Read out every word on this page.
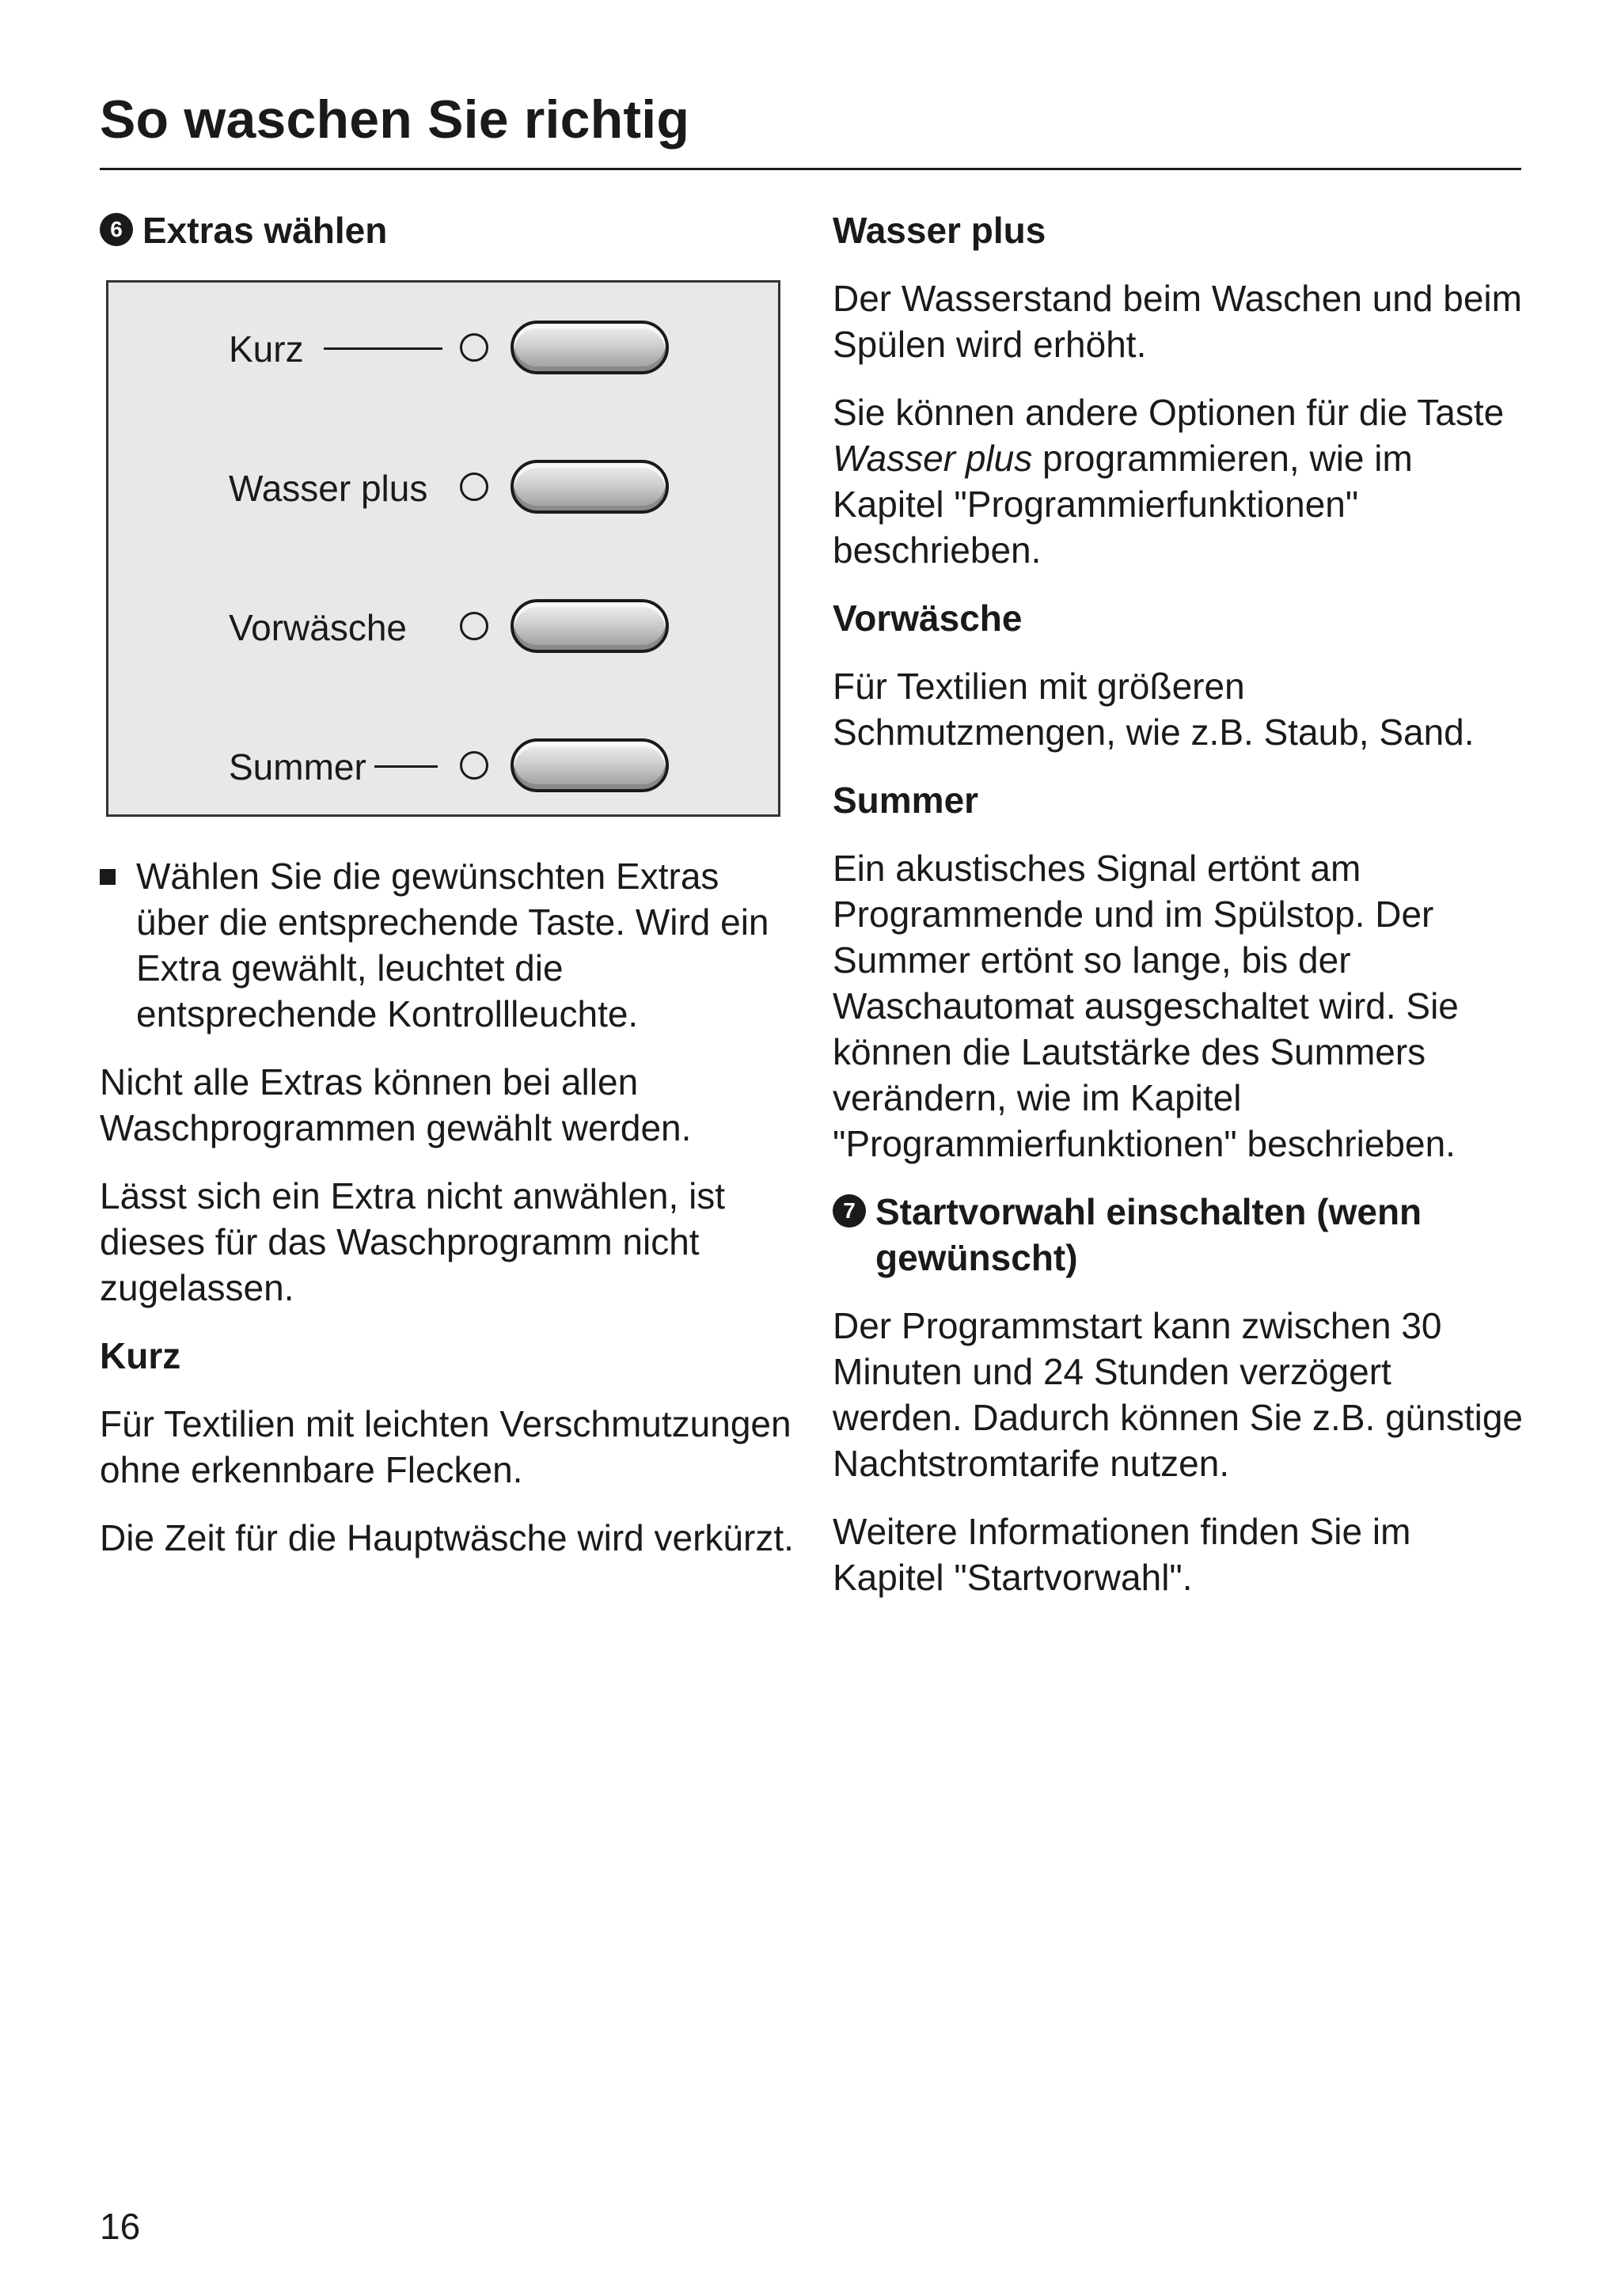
So waschen Sie richtig
6 Extras wählen
Kurz
Wasser plus
Vorwäsche
Summer
Wählen Sie die gewünschten Extras über die entsprechende Taste. Wird ein Extra gewählt, leuchtet die entsprechende Kontrollleuchte.

Nicht alle Extras können bei allen Waschprogrammen gewählt werden.

Lässt sich ein Extra nicht anwählen, ist dieses für das Waschprogramm nicht zugelassen.

Kurz

Für Textilien mit leichten Verschmutzungen ohne erkennbare Flecken.

Die Zeit für die Hauptwäsche wird verkürzt.

Wasser plus

Der Wasserstand beim Waschen und beim Spülen wird erhöht.

Sie können andere Optionen für die Taste Wasser plus programmieren, wie im Kapitel "Programmierfunktionen" beschrieben.

Vorwäsche

Für Textilien mit größeren Schmutzmengen, wie z.B. Staub, Sand.

Summer

Ein akustisches Signal ertönt am Programmende und im Spülstop. Der Summer ertönt so lange, bis der Waschautomat ausgeschaltet wird. Sie können die Lautstärke des Summers verändern, wie im Kapitel "Programmierfunktionen" beschrieben.

7 Startvorwahl einschalten (wenn gewünscht)

Der Programmstart kann zwischen 30 Minuten und 24 Stunden verzögert werden. Dadurch können Sie z.B. günstige Nachtstromtarife nutzen.

Weitere Informationen finden Sie im Kapitel "Startvorwahl".

16
